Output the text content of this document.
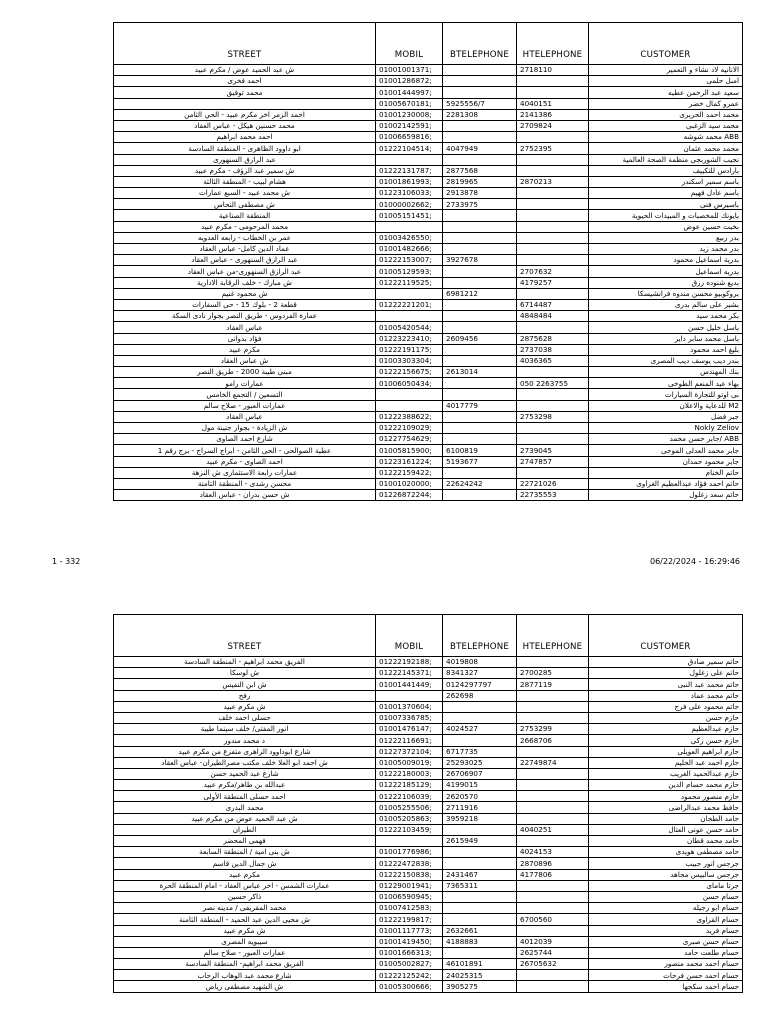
STREET	MOBIL	BTELEPHONE	HTELEPHONE	CUSTOMER
ش عبد الحميد عوض / مكرم عبيد	01001001371;		2718110	الانانيه لاد نشاء و التعمير
احمد فخرى	01001286872;			امبل حلمى
محمد توفيق	01001444997;			سعيد عبد الرحمن عطيه
	01005670181;	5925556/7	4040151	عمرو كمال خضر
احمد الزمر اخر مكرم عبيد - الحي الثامن	01001230008;	2281308	2141386	محمد احمد الحريرى
محمد حسنين هيكل - عباس العقاد	01002142591;		2709824	محمد سيد الزغبى
احمد محمد ابراهيم	01006659816;			ABB محمد شوشه
ابو داوود الظاهرى - المنطقة السادسة	01222104514;	4047949	2752395	محمد محمد عثمان
عبد الرازق السنهورى				نجيب الشوربجى منظمة الصحة العالمية
ش سمير عبد الرؤف - مكرم عبيد	01222131787;	2877568		بارادس للتكييف
هشام لبيب - المنطقة الثالثة	01001861993;	2819965	2870213	باسم سمير اسكندر
ش محمد عبيد - السبع عمارات	01223106033;	2913878		باسم عادل فهيم
ش مصطفى النحاس	01000002662;	2733975		باسيرس فنى
المنطقة الصناعية	01005151451;			بايونك للمخصبات و المبيدات الحيوية
محمد المرحومى - مكرم عبيد				بخيت حسين عوض
عمر بن الخطاب - رابعه العدويه	01003426550;			بدر ربيع
عماد الدين كامل- عباس العقاد	01001482666;			بدر محمد زيد
عبد الرازق السنهورى - عباس العقاد	01222153007;	3927678		بدرية اسماعيل محمود
عبد الرازق السنهورى-من عباس العقاد	01005129593;		2707632	بدريه اسماعيل
ش مبارك - خلف الرقابة الادارية	01222119525;		4179257	بديع شنوده رزق
ش محمود غنيم		6981212		بروكوبيو محسن مندوه فرانشيسكا
قطعة 2 - بلوك 15 - حى السفارات	01222221201;		6714487	بشير على سالم بدرى
عمارة الفردوس - طريق النصر بجوار نادى السكة			4848484	بكر محمد سيد
عباس العقاد	01005420544;			باسل خليل حسن
فؤاد بدوانى	01223223410;	2609456	2875628	باسل محمد سابر داير
مكرم عبيد	01222191175;		2737038	بليغ احمد محمود
ش عباس العقاد	01003303304;		4036365	بندر ديب يوسف ديب المصرى
مبنى طيبة 2000 - طريق النصر	01222156675;	2613014		بنك المهندس
عمارات رامو	01006050434;		050 2263755	بهاء عبد المنعم الطوخى
التسعين / التجمع الخامس				بى اوتو للتجارة السيارات
عمارات العبور - صلاح سالم		4017779		M2 للدعاية والاعلان
عباس العقاد	01222388622;		2753298	جبر فضل
ش الزيادة - بجوار جنينة مول	01222109029;			Nokly Zeliov
شارع احمد الصاوى	01227754629;			ABB /جابر حسن محمد
عطية الصوالحى - الحى الثامن - ابراج السراج - برج رقم 1	01005815900;	6100819	2739045	جابر محمد العدلى الموجى
احمد الصاوى - مكرم عبيد	01223161224;	5193677	2747857	جابر محمود حمدان
عمارات رابعة الاستثمارى ش النزهة	01222159422;			حاتم الخنام
محسن رشدى - المنطقة الثامنة	01001020000;	22624242	22721026	حاتم احمد فؤاد عبدالعظيم الغزاوى
ش حسن بدران - عباس العقاد	01226872244;		22735553	حاتم سعد زغلول
1 - 332	06/22/2024 - 16:29:46
STREET	MOBIL	BTELEPHONE	HTELEPHONE	CUSTOMER
الفريق محمد ابراهيم - المنطقة السادسة	01222192188;	4019808		حاتم سمير صادق
ش لوسكا	01222145371;	8341327	2700285	حاتم على زغلول
ش ابن النفيس	01001441449;	0124297797	2877119	حاتم محمد عبد النبى
رفح		262698		حاتم محمد عماد
ش مكرم عبيد	01001370604;			حاتم محمود على فرج
حسلى احمد خلف	01007336785;			حازم حسن
انور المفتى/ خلف سينما طيبة	01001476147;	4024527	2753299	حازم عبدالعظيم
د محمد مندور	01222116691;		2668706	حازم حسن زكى
شارع ابوداوود الزاهرى متفرع من مكرم عبيد	01227372104;	6717735		حازم ابراهيم العويلى
ش احمد ابو العلا خلف مكتب مصرالطيران- عباس العقاد	01005009019;	25293025	22749874	حازم احمد عبد الحليم
شارع عبد الحميد حسن	01222180003;	26706907		حازم عبدالحميد الغريب
عبدالله بن طاهر/مكرم عبيد	01222185129;	4199015		حازم محمد حسام الدين
احمد حسلى المنطقة الأولى	01222106039;	2620570		حازم منصور محمود
محمد البدرى	01005255506;	2711916		حافظ محمد عبدالراضى
ش عبد الحميد عوض من مكرم عبيد	01005205863;	3959218		حامد الطحان
الطيران	01222103459;		4040251	حامد حسن عونى العتال
فهمى المحضر		2615949		حامد محمد قطان
ش بنى امية / المنطقة السابعة	01001776986;		4024153	حامد مصطفى هويدى
ش جمال الدين قاسم	01222472838;		2870896	جرجس انور حبيب
مكرم عبيد	01222150838;	2431467	4177806	جرجس سالبيس مجاهد
عمارات الشمس - اخر عباس العقاد - امام المنطقة الحرة	01229001941;	7365311		جرتا ماماى
ذاكر حسين	01006590945;			حسام حسن
محمد المقريفى / مدينه نصر	01007412583;			حسام ابو رجيله
ش محيى الدين عبد الحميد - المنطقة الثامنة	01222199817;		6700560	حسام القزاوى
ش مكرم عبيد	01001117773;	2632661		حسام فريد
سيبويه المصرى	01001419450;	4188883	4012039	حسام حسن صبرى
عمارات العبور - صلاح سالم	01001666313;		2625744	حسام طلعت حامد
الفريق محمد ابراهيم- المنطقة السادسة	01005002827;	46101891	26705632	حسام احمد محمد منصور
شارع محمد عبد الوهاب الرحاب	01222125242;	24025315		حسام احمد حسن فرحات
ش الشهيد مصطفى رياض	01005300666;	3905275		حسام احمد سكجها
